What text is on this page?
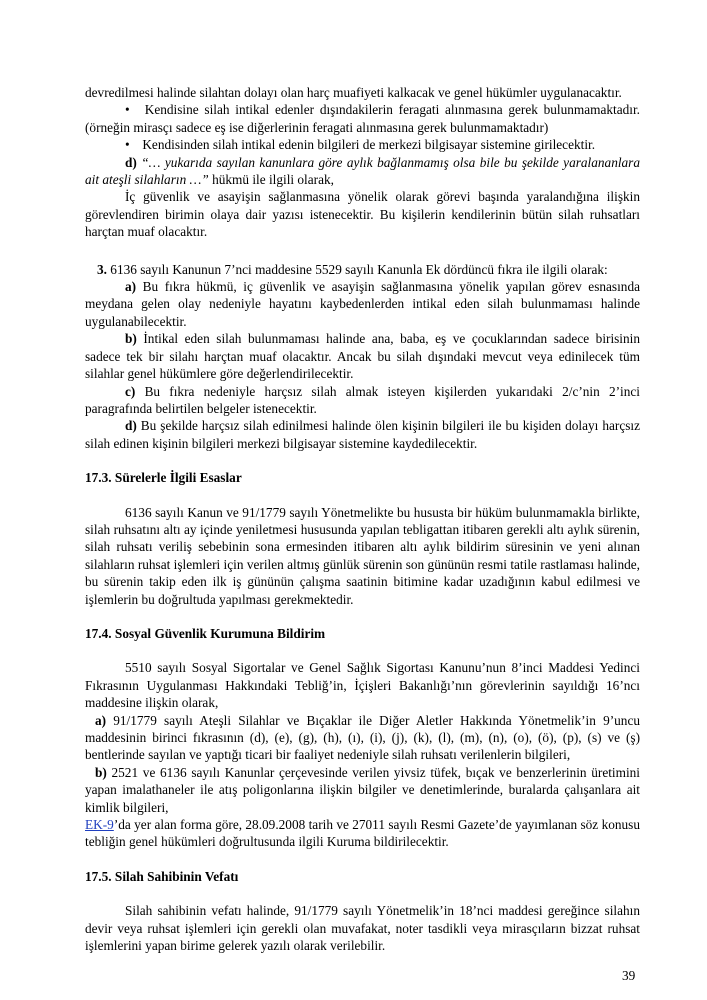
devredilmesi halinde silahtan dolayı olan harç muafiyeti kalkacak ve genel hükümler uygulanacaktır.

• Kendisine silah intikal edenler dışındakilerin feragati alınmasına gerek bulunmamaktadır. (örneğin mirasçı sadece eş ise diğerlerinin feragati alınmasına gerek bulunmamaktadır)

• Kendisinden silah intikal edenin bilgileri de merkezi bilgisayar sistemine girilecektir.

d) “… yukarıda sayılan kanunlara göre aylık bağlanmamış olsa bile bu şekilde yaralananlara ait ateşli silahların …” hükmü ile ilgili olarak,

İç güvenlik ve asayişin sağlanmasına yönelik olarak görevi başında yaralandığına ilişkin görevlendiren birimin olaya dair yazısı istenecektir. Bu kişilerin kendilerinin bütün silah ruhsatları harçtan muaf olacaktır.

3. 6136 sayılı Kanunun 7’nci maddesine 5529 sayılı Kanunla Ek dördüncü fıkra ile ilgili olarak:

a) Bu fıkra hükmü, iç güvenlik ve asayişin sağlanmasına yönelik yapılan görev esnasında meydana gelen olay nedeniyle hayatını kaybedenlerden intikal eden silah bulunmaması halinde uygulanabilecektir.

b) İntikal eden silah bulunmaması halinde ana, baba, eş ve çocuklarından sadece birisinin sadece tek bir silahı harçtan muaf olacaktır. Ancak bu silah dışındaki mevcut veya edinilecek tüm silahlar genel hükümlere göre değerlendirilecektir.

c) Bu fıkra nedeniyle harçsız silah almak isteyen kişilerden yukarıdaki 2/c’nin 2’inci paragrafında belirtilen belgeler istenecektir.

d) Bu şekilde harçsız silah edinilmesi halinde ölen kişinin bilgileri ile bu kişiden dolayı harçsız silah edinen kişinin bilgileri merkezi bilgisayar sistemine kaydedilecektir.

17.3. Sürelerle İlgili Esaslar

6136 sayılı Kanun ve 91/1779 sayılı Yönetmelikte bu hususta bir hüküm bulunmamakla birlikte, silah ruhsatını altı ay içinde yeniletmesi hususunda yapılan tebligattan itibaren gerekli altı aylık sürenin, silah ruhsatı veriliş sebebinin sona ermesinden itibaren altı aylık bildirim süresinin ve yeni alınan silahların ruhsat işlemleri için verilen altmış günlük sürenin son gününün resmi tatile rastlaması halinde, bu sürenin takip eden ilk iş gününün çalışma saatinin bitimine kadar uzadığının kabul edilmesi ve işlemlerin bu doğrultuda yapılması gerekmektedir.

17.4. Sosyal Güvenlik Kurumuna Bildirim

5510 sayılı Sosyal Sigortalar ve Genel Sağlık Sigortası Kanunu’nun 8’inci Maddesi Yedinci Fıkrasının Uygulanması Hakkındaki Tebliğ’in, İçişleri Bakanlığı’nın görevlerinin sayıldığı 16’ncı maddesine ilişkin olarak,

a) 91/1779 sayılı Ateşli Silahlar ve Bıçaklar ile Diğer Aletler Hakkında Yönetmelik’in 9’uncu maddesinin birinci fıkrasının (d), (e), (g), (h), (ı), (i), (j), (k), (l), (m), (n), (o), (ö), (p), (s) ve (ş) bentlerinde sayılan ve yaptığı ticari bir faaliyet nedeniyle silah ruhsatı verilenlerin bilgileri,

b) 2521 ve 6136 sayılı Kanunlar çerçevesinde verilen yivsiz tüfek, bıçak ve benzerlerinin üretimini yapan imalathaneler ile atış poligonlarına ilişkin bilgiler ve denetimlerinde, buralarda çalışanlara ait kimlik bilgileri,

EK-9’da yer alan forma göre, 28.09.2008 tarih ve 27011 sayılı Resmi Gazete’de yayımlanan söz konusu tebliğin genel hükümleri doğrultusunda ilgili Kuruma bildirilecektir.

17.5. Silah Sahibinin Vefatı

Silah sahibinin vefatı halinde, 91/1779 sayılı Yönetmelik’in 18’nci maddesi gereğince silahın devir veya ruhsat işlemleri için gerekli olan muvafakat, noter tasdikli veya mirasçıların bizzat ruhsat işlemlerini yapan birime gelerek yazılı olarak verilebilir.

39
